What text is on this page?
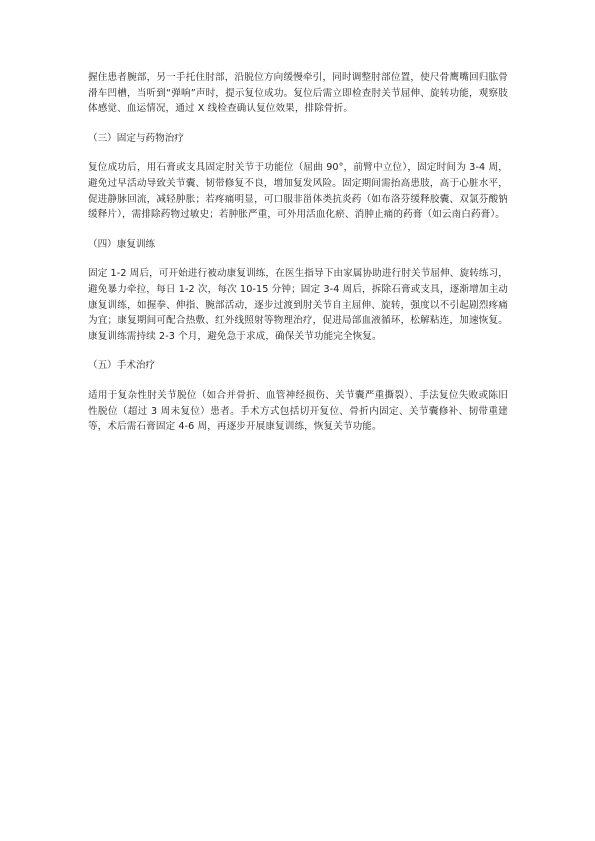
握住患者腕部，另一手托住肘部，沿脱位方向缓慢牵引，同时调整肘部位置，使尺骨鹰嘴回归肱骨滑车凹槽，当听到“弹响”声时，提示复位成功。复位后需立即检查肘关节屈伸、旋转功能，观察肢体感觉、血运情况，通过 X 线检查确认复位效果，排除骨折。

（三）固定与药物治疗

复位成功后，用石膏或支具固定肘关节于功能位（屈曲 90°，前臂中立位），固定时间为 3-4 周，避免过早活动导致关节囊、韧带修复不良，增加复发风险。固定期间需抬高患肢，高于心脏水平，促进静脉回流，减轻肿胀；若疼痛明显，可口服非甾体类抗炎药（如布洛芬缓释胶囊、双氯芬酸钠缓释片），需排除药物过敏史；若肿胀严重，可外用活血化瘀、消肿止痛的药膏（如云南白药膏）。

（四）康复训练

固定 1-2 周后，可开始进行被动康复训练，在医生指导下由家属协助进行肘关节屈伸、旋转练习，避免暴力牵拉，每日 1-2 次，每次 10-15 分钟；固定 3-4 周后，拆除石膏或支具，逐渐增加主动康复训练，如握拳、伸指、腕部活动，逐步过渡到肘关节自主屈伸、旋转，强度以不引起剧烈疼痛为宜；康复期间可配合热敷、红外线照射等物理治疗，促进局部血液循环，松解粘连，加速恢复。康复训练需持续 2-3 个月，避免急于求成，确保关节功能完全恢复。

（五）手术治疗

适用于复杂性肘关节脱位（如合并骨折、血管神经损伤、关节囊严重撕裂）、手法复位失败或陈旧性脱位（超过 3 周未复位）患者。手术方式包括切开复位、骨折内固定、关节囊修补、韧带重建等，术后需石膏固定 4-6 周，再逐步开展康复训练，恢复关节功能。
